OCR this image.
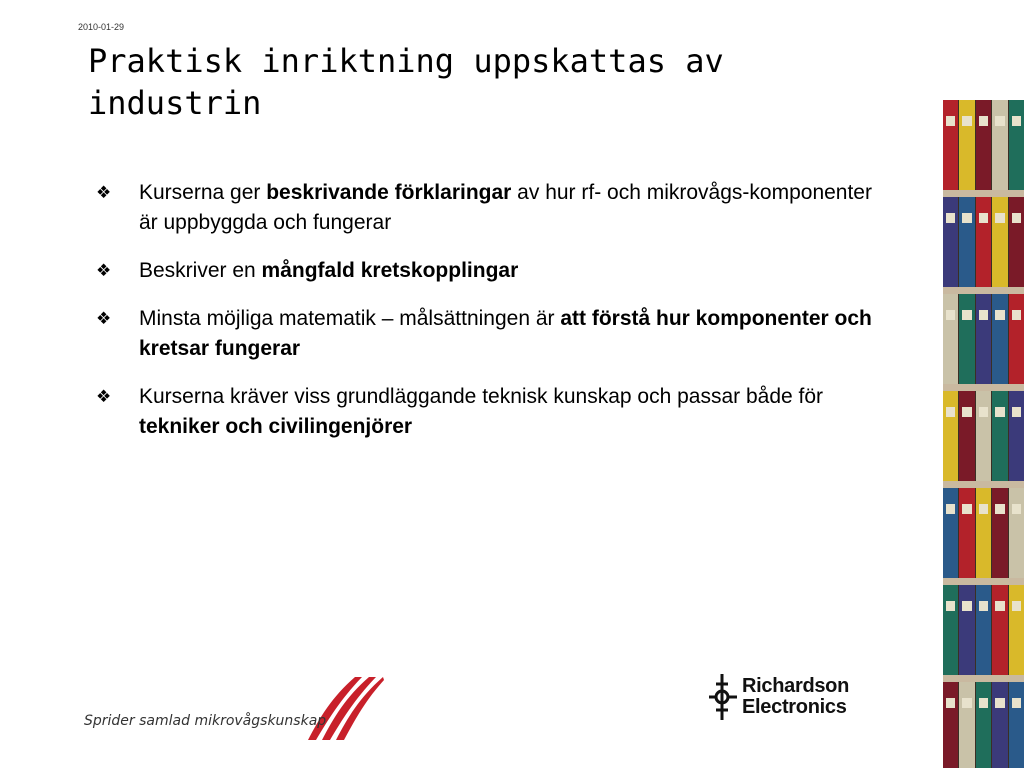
2010-01-29
Praktisk inriktning uppskattas av industrin
❖ Kurserna ger beskrivande förklaringar av hur rf- och mikrovågs-komponenter är uppbyggda och fungerar
❖ Beskriver en mångfald kretskopplingar
❖ Minsta möjliga matematik – målsättningen är att förstå hur komponenter och kretsar fungerar
❖ Kurserna kräver viss grundläggande teknisk kunskap och passar både för tekniker och civilingenjörer
Sprider samlad mikrovågskunskap
Richardson
Electronics
